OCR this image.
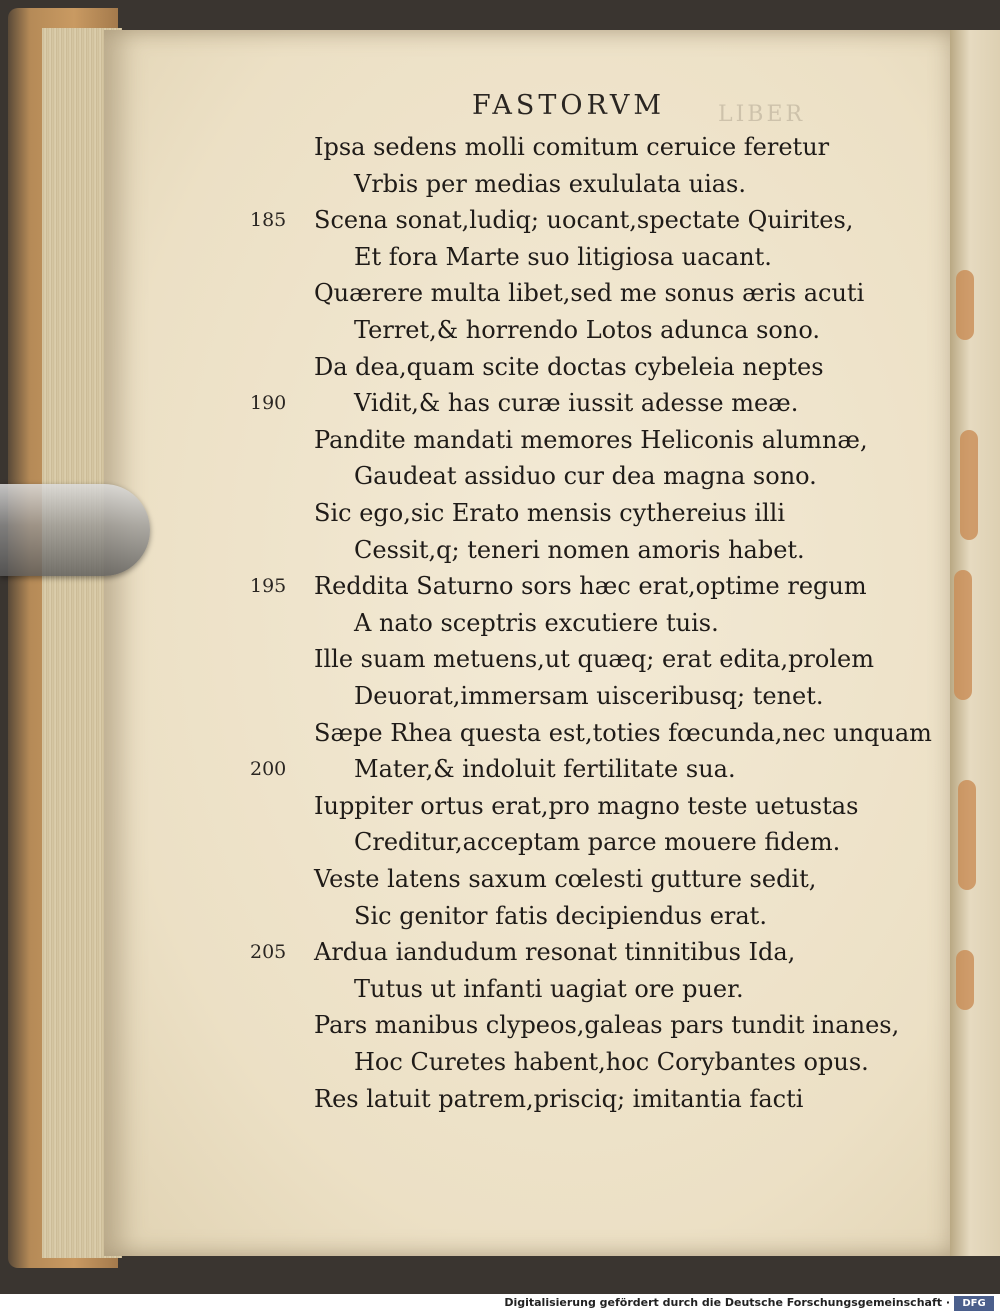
LIBER
FASTORVM
Ipsa sedens molli comitum ceruice feretur
Vrbis per medias exululata uias.
Scena sonat,ludiq; uocant,spectate Quirites,
185
Et fora Marte suo litigiosa uacant.
Quærere multa libet,sed me sonus æris acuti
Terret,& horrendo Lotos adunca sono.
Da dea,quam scite doctas cybeleia neptes
Vidit,& has curæ iussit adesse meæ.
190
Pandite mandati memores Heliconis alumnæ,
Gaudeat assiduo cur dea magna sono.
Sic ego,sic Erato mensis cythereius illi
Cessit,q; teneri nomen amoris habet.
Reddita Saturno sors hæc erat,optime regum
195
A nato sceptris excutiere tuis.
Ille suam metuens,ut quæq; erat edita,prolem
Deuorat,immersam uisceribusq; tenet.
Sæpe Rhea questa est,toties fœcunda,nec unquam
Mater,& indoluit fertilitate sua.
200
Iuppiter ortus erat,pro magno teste uetustas
Creditur,acceptam parce mouere fidem.
Veste latens saxum cœlesti gutture sedit,
Sic genitor fatis decipiendus erat.
Ardua iandudum resonat tinnitibus Ida,
205
Tutus ut infanti uagiat ore puer.
Pars manibus clypeos,galeas pars tundit inanes,
Hoc Curetes habent,hoc Corybantes opus.
Res latuit patrem,prisciq; imitantia facti
Digitalisierung gefördert durch die Deutsche Forschungsgemeinschaft ·	DFG
